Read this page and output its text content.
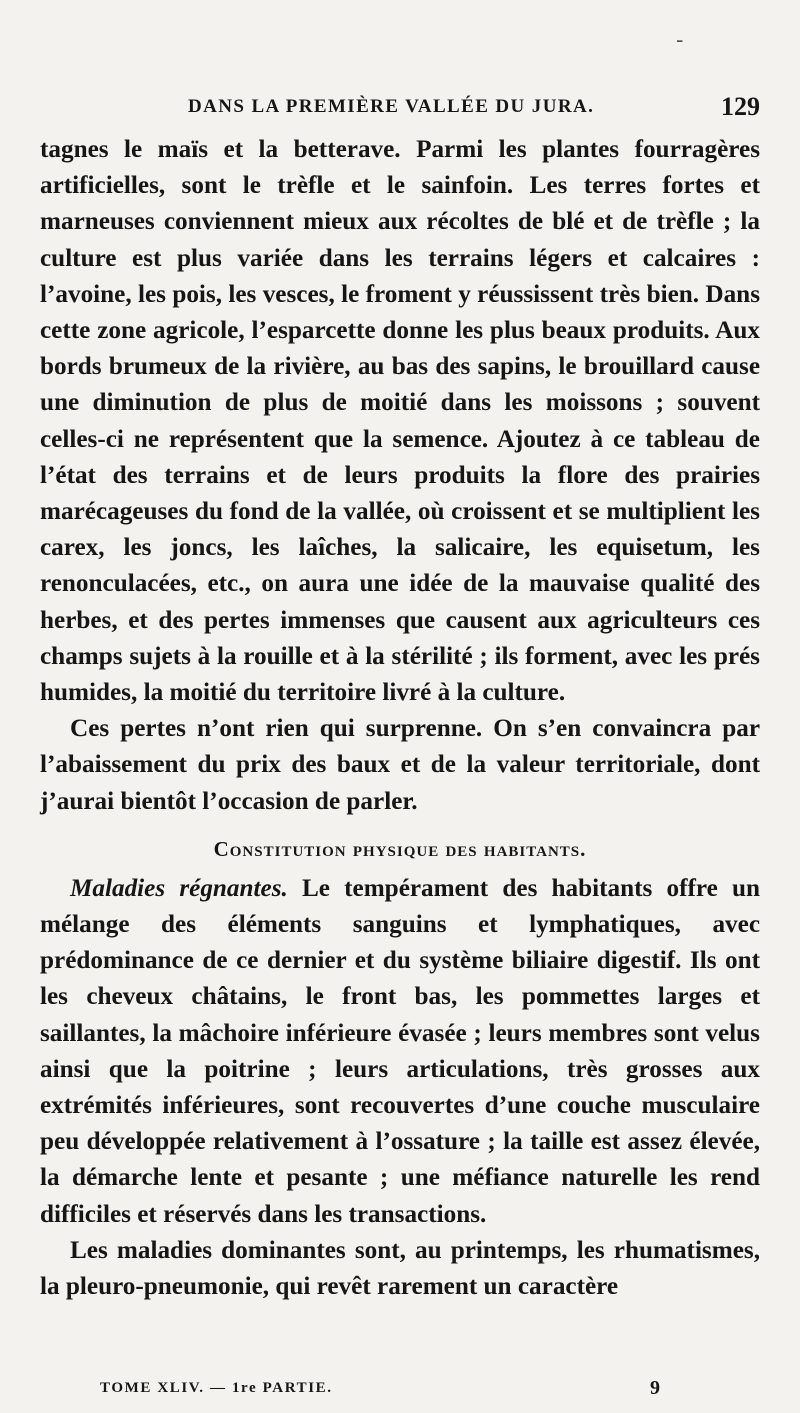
-
DANS LA PREMIÈRE VALLÉE DU JURA.	129

tagnes le maïs et la betterave. Parmi les plantes fourragères artificielles, sont le trèfle et le sainfoin. Les terres fortes et marneuses conviennent mieux aux récoltes de blé et de trèfle ; la culture est plus variée dans les terrains légers et calcaires : l’avoine, les pois, les vesces, le froment y réussissent très bien. Dans cette zone agricole, l’esparcette donne les plus beaux produits. Aux bords brumeux de la rivière, au bas des sapins, le brouillard cause une diminution de plus de moitié dans les moissons ; souvent celles-ci ne représentent que la semence. Ajoutez à ce tableau de l’état des terrains et de leurs produits la flore des prairies marécageuses du fond de la vallée, où croissent et se multiplient les carex, les joncs, les laîches, la salicaire, les equisetum, les renonculacées, etc., on aura une idée de la mauvaise qualité des herbes, et des pertes immenses que causent aux agriculteurs ces champs sujets à la rouille et à la stérilité ; ils forment, avec les prés humides, la moitié du territoire livré à la culture.

Ces pertes n’ont rien qui surprenne. On s’en convaincra par l’abaissement du prix des baux et de la valeur territoriale, dont j’aurai bientôt l’occasion de parler.

Constitution physique des habitants.

Maladies régnantes. Le tempérament des habitants offre un mélange des éléments sanguins et lymphatiques, avec prédominance de ce dernier et du système biliaire digestif. Ils ont les cheveux châtains, le front bas, les pommettes larges et saillantes, la mâchoire inférieure évasée ; leurs membres sont velus ainsi que la poitrine ; leurs articulations, très grosses aux extrémités inférieures, sont recouvertes d’une couche musculaire peu développée relativement à l’ossature ; la taille est assez élevée, la démarche lente et pesante ; une méfiance naturelle les rend difficiles et réservés dans les transactions.

Les maladies dominantes sont, au printemps, les rhumatismes, la pleuro-pneumonie, qui revêt rarement un caractère

TOME XLIV. — 1re PARTIE.	9
